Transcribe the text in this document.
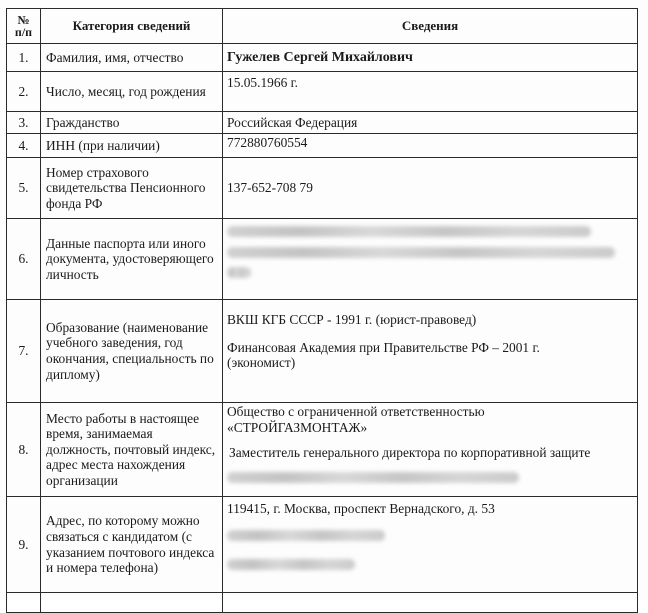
№
п/п	Категория сведений	Сведения
1.	Фамилия, имя, отчество	Гужелев Сергей Михайлович
2.	Число, месяц, год рождения	15.05.1966 г.
3.	Гражданство	Российская Федерация
4.	ИНН (при наличии)	772880760554
5.	Номер страхового свидетельства Пенсионного фонда РФ	137-652-708 79
6.	Данные паспорта или иного документа, удостоверяющего личность	

7.	Образование (наименование учебного заведения, год окончания, специальность по диплому)	ВКШ КГБ СССР - 1991 г. (юрист-правовед)

Финансовая Академия при Правительстве РФ – 2001 г.

(экономист)

8.	Место работы в настоящее время, занимаемая должность, почтовый индекс, адрес места нахождения организации	Общество с ограниченной ответственностью

«СТРОЙГАЗМОНТАЖ»

Заместитель генерального директора по корпоративной защите

9.	Адрес, по которому можно связаться с кандидатом (с указанием почтового индекса и номера телефона)	119415, г. Москва, проспект Вернадского, д. 53
